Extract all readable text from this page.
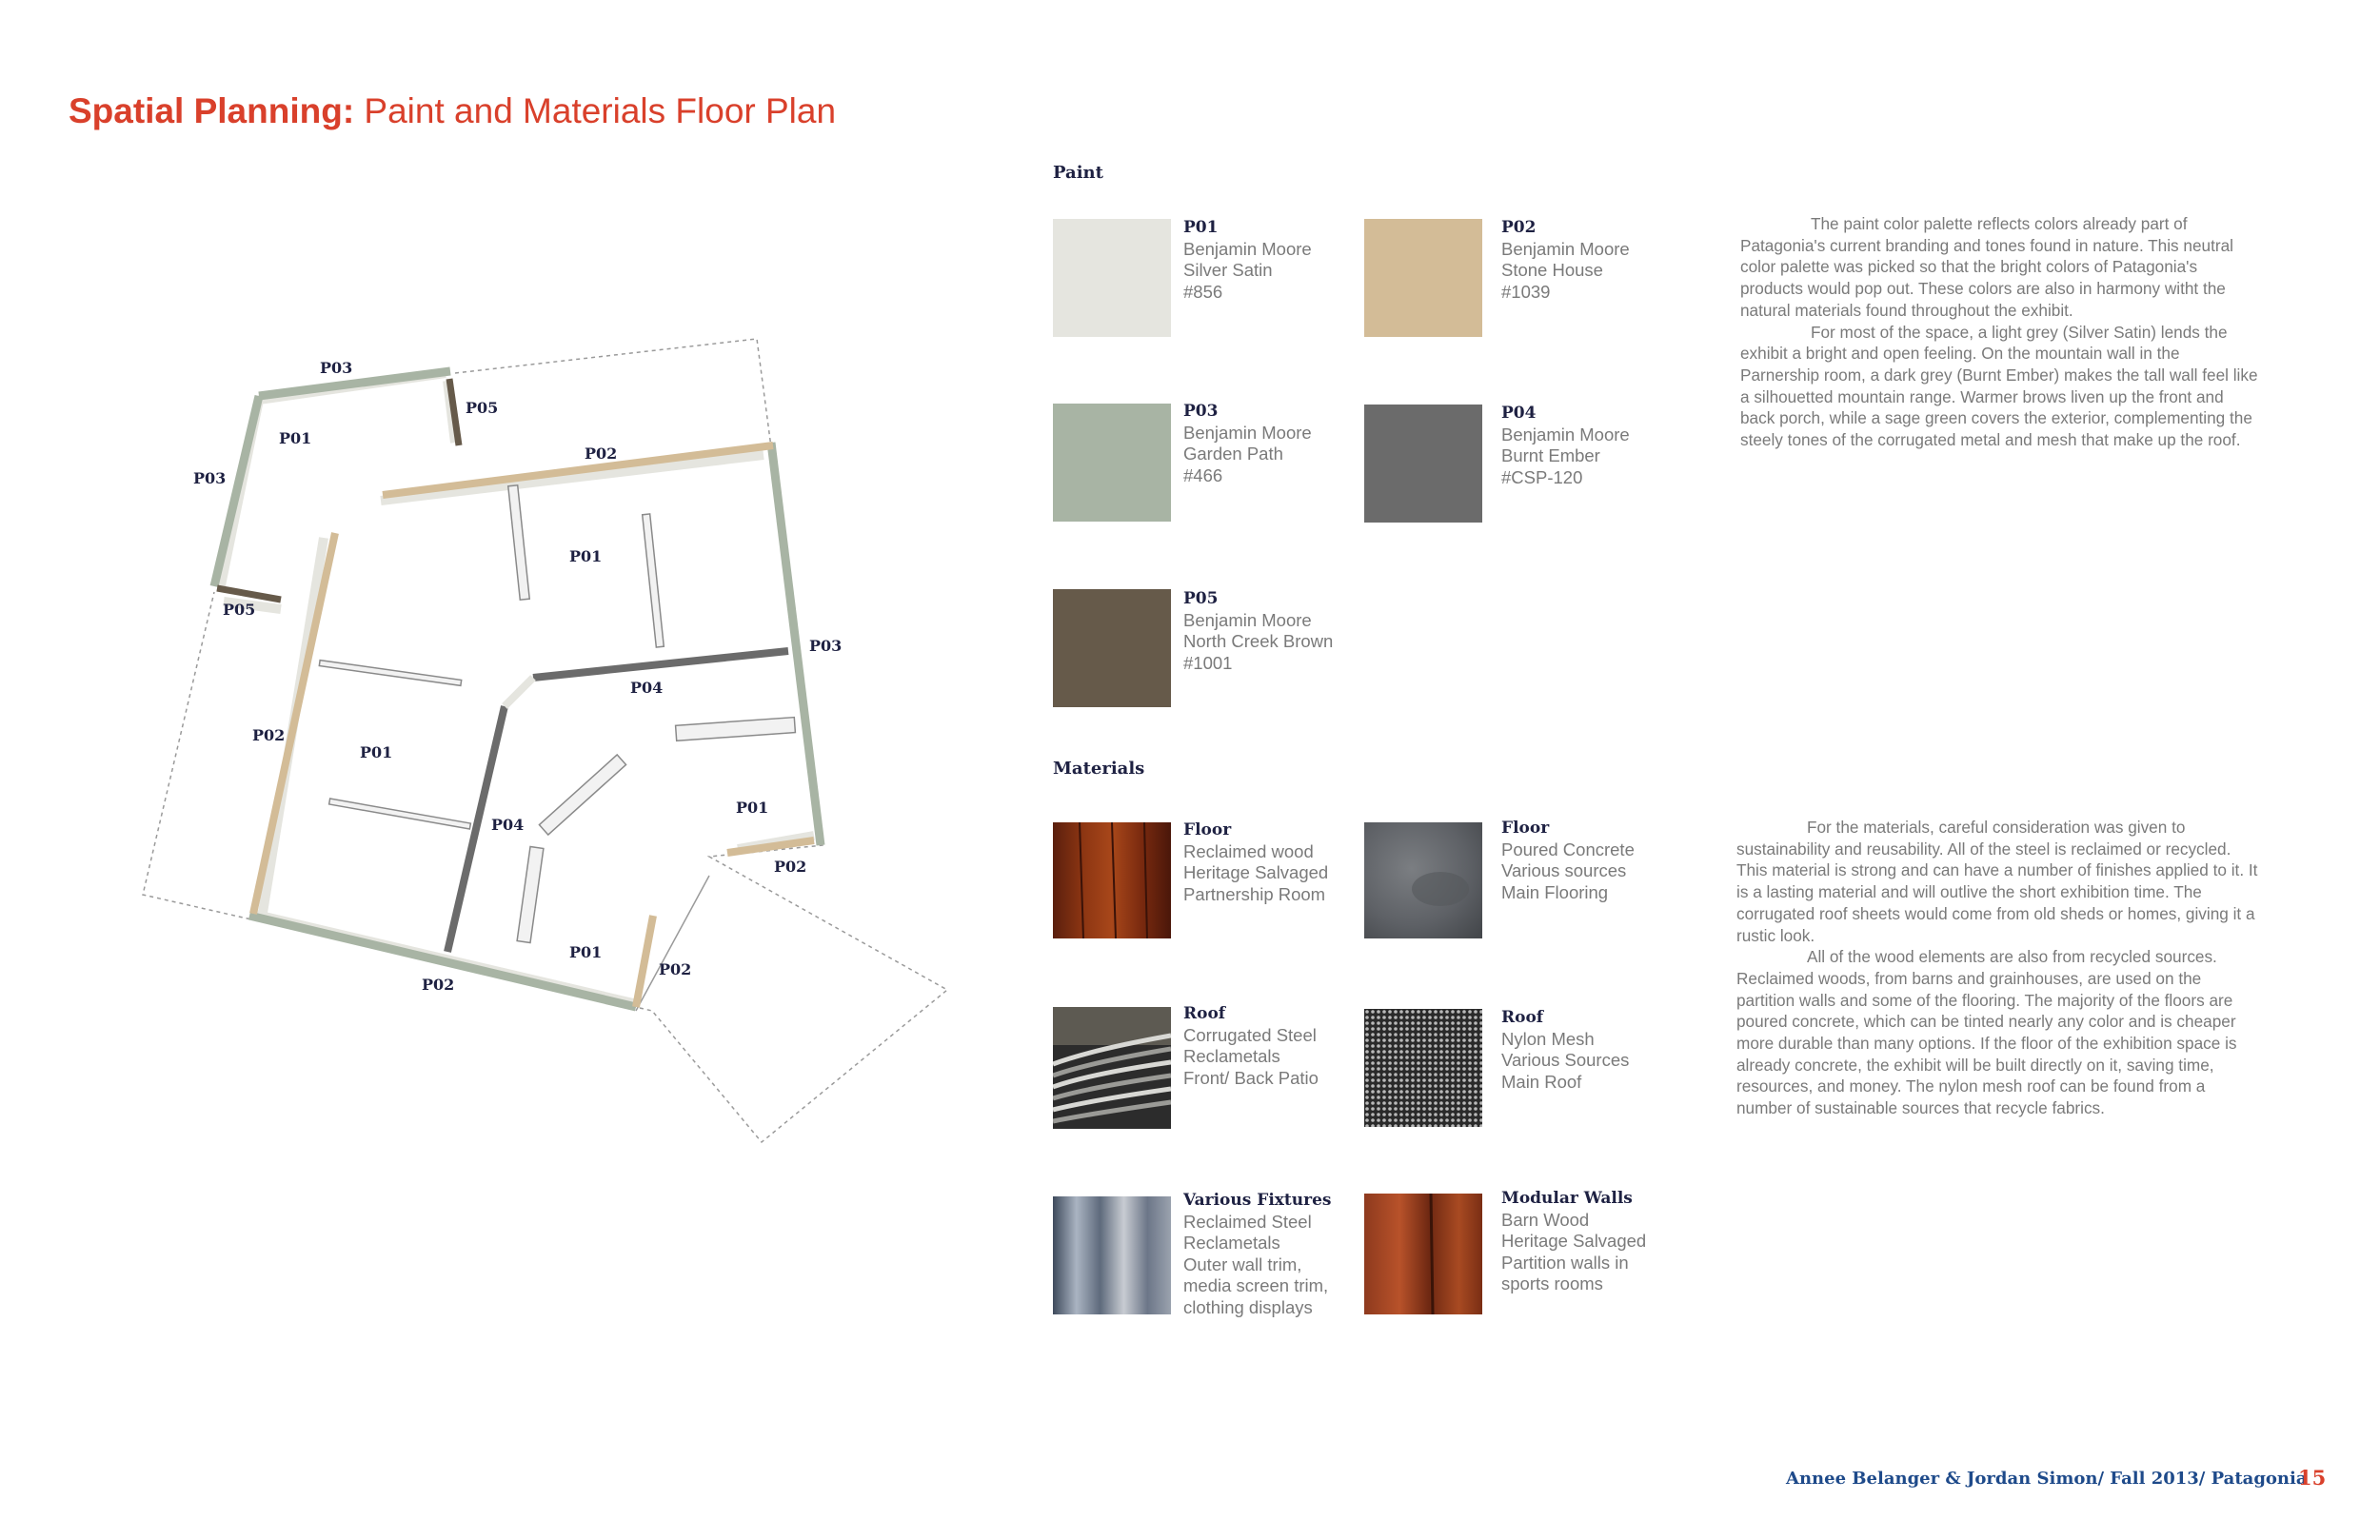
Spatial Planning: Paint and Materials Floor Plan
P03
P05
P01
P03
P02
P01
P05
P03
P04
P02
P01
P04
P01
P02
P01
P02
P02
Paint
P01
Benjamin Moore
Silver Satin
#856
P02
Benjamin Moore
Stone House
#1039
P03
Benjamin Moore
Garden Path
#466
P04
Benjamin Moore
Burnt Ember
#CSP-120
P05
Benjamin Moore
North Creek Brown
#1001

The paint color palette reflects colors already part of Patagonia's current branding and tones found in nature. This neutral color palette was picked so that the bright colors of Patagonia's products would pop out. These colors are also in harmony witht the natural materials found throughout the exhibit.

For most of the space, a light grey (Silver Satin) lends the exhibit a bright and open feeling. On the mountain wall in the Parnership room, a dark grey (Burnt Ember) makes the tall wall feel like a silhouetted mountain range. Warmer brows liven up the front and back porch, while a sage green covers the exterior, complementing the steely tones of the corrugated metal and mesh that make up the roof.

Materials
Floor
Reclaimed wood
Heritage Salvaged
Partnership Room
Floor
Poured Concrete
Various sources
Main Flooring
Roof
Corrugated Steel
Reclametals
Front/ Back Patio
Roof
Nylon Mesh
Various Sources
Main Roof
Various Fixtures
Reclaimed Steel
Reclametals
Outer wall trim,
media screen trim,
clothing displays
Modular Walls
Barn Wood
Heritage Salvaged
Partition walls in
sports rooms

For the materials, careful consideration was given to sustainability and reusability. All of the steel is reclaimed or recycled. This material is strong and can have a number of finishes applied to it. It is a lasting material and will outlive the short exhibition time. The corrugated roof sheets would come from old sheds or homes, giving it a rustic look.

All of the wood elements are also from recycled sources. Reclaimed woods, from barns and grainhouses, are used on the partition walls and some of the flooring. The majority of the floors are poured concrete, which can be tinted nearly any color and is cheaper more durable than many options. If the floor of the exhibition space is already concrete, the exhibit will be built directly on it, saving time, resources, and money. The nylon mesh roof can be found from a number of sustainable sources that recycle fabrics.

Annee Belanger & Jordan Simon/ Fall 2013/ Patagonia
15
